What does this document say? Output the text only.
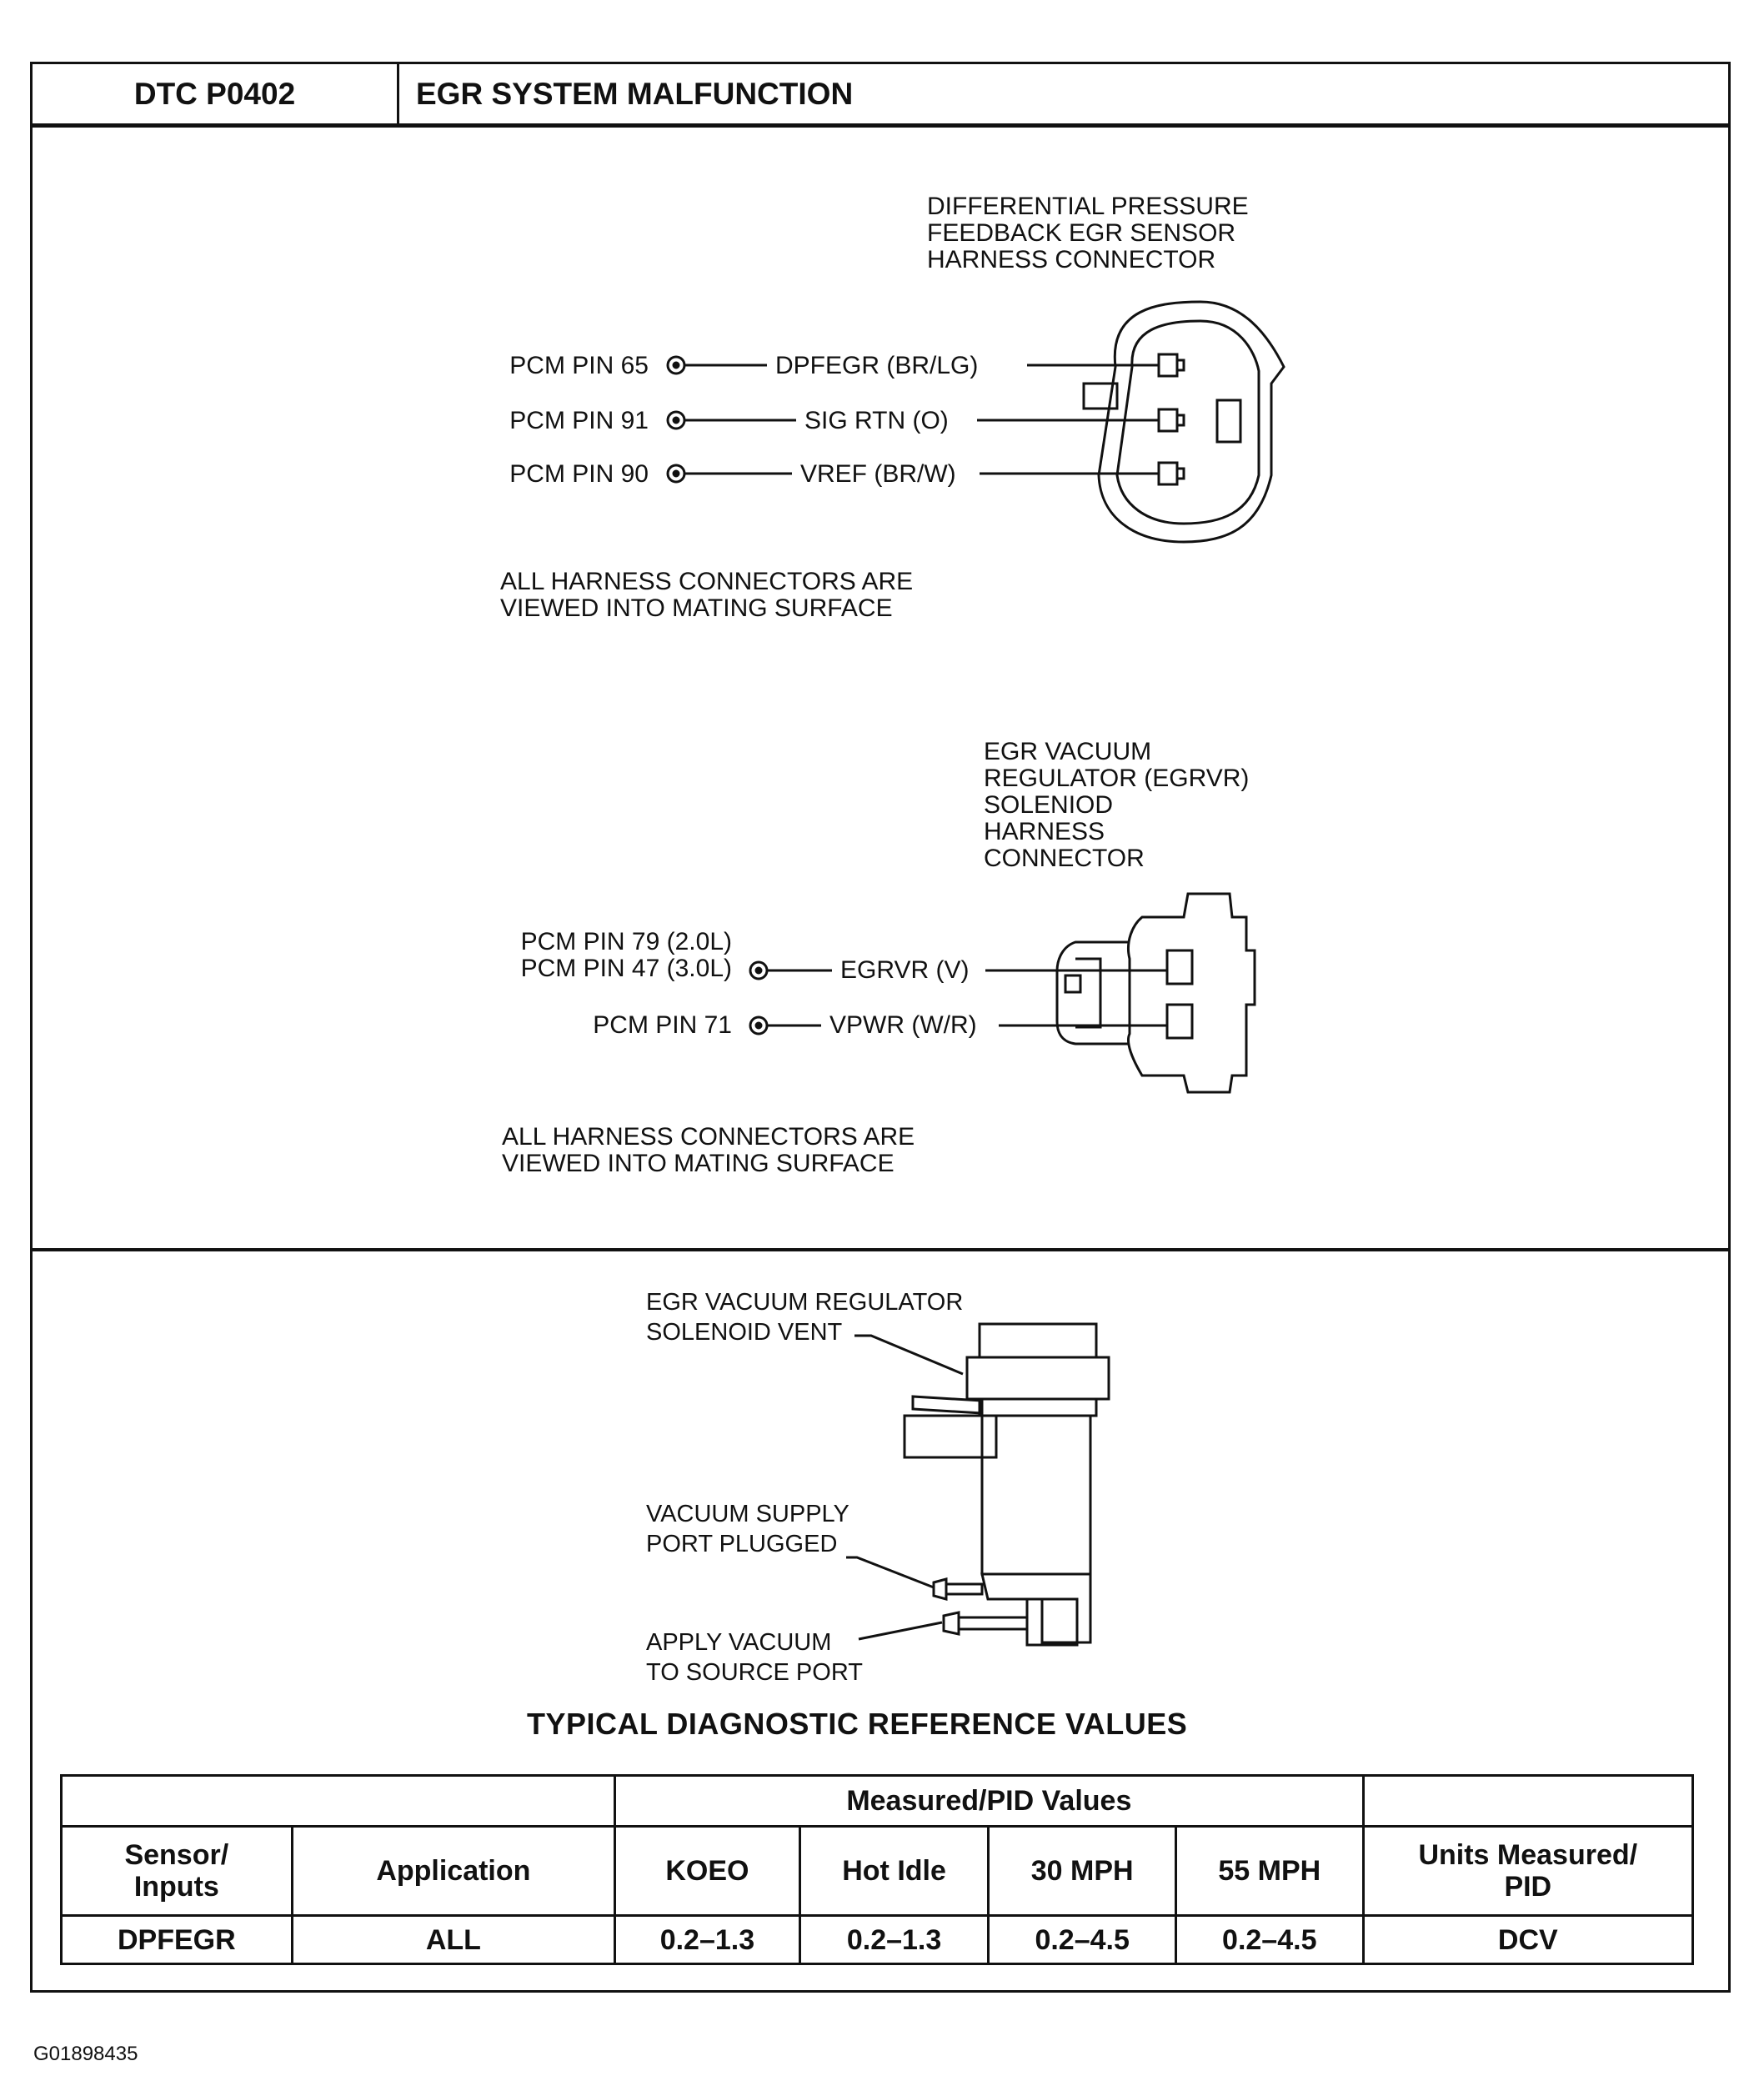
DTC P0402	EGR SYSTEM MALFUNCTION
DIFFERENTIAL PRESSURE
FEEDBACK EGR SENSOR
HARNESS CONNECTOR
PCM PIN 65	DPFEGR (BR/LG)
PCM PIN 91	SIG RTN (O)
PCM PIN 90	VREF (BR/W)
ALL HARNESS CONNECTORS ARE
VIEWED INTO MATING SURFACE
EGR VACUUM
REGULATOR (EGRVR)
SOLENIOD
HARNESS
CONNECTOR
PCM PIN 79 (2.0L)
PCM PIN 47 (3.0L)	EGRVR (V)
PCM PIN 71	VPWR (W/R)
ALL HARNESS CONNECTORS ARE
VIEWED INTO MATING SURFACE
EGR VACUUM REGULATOR
SOLENOID VENT
VACUUM SUPPLY
PORT PLUGGED
APPLY VACUUM
TO SOURCE PORT
TYPICAL DIAGNOSTIC REFERENCE VALUES
		Measured/PID Values				
Sensor/
Inputs	Application	KOEO	Hot Idle	30 MPH	55 MPH	Units Measured/
PID
DPFEGR	ALL	0.2–1.3	0.2–1.3	0.2–4.5	0.2–4.5	DCV
G01898435
